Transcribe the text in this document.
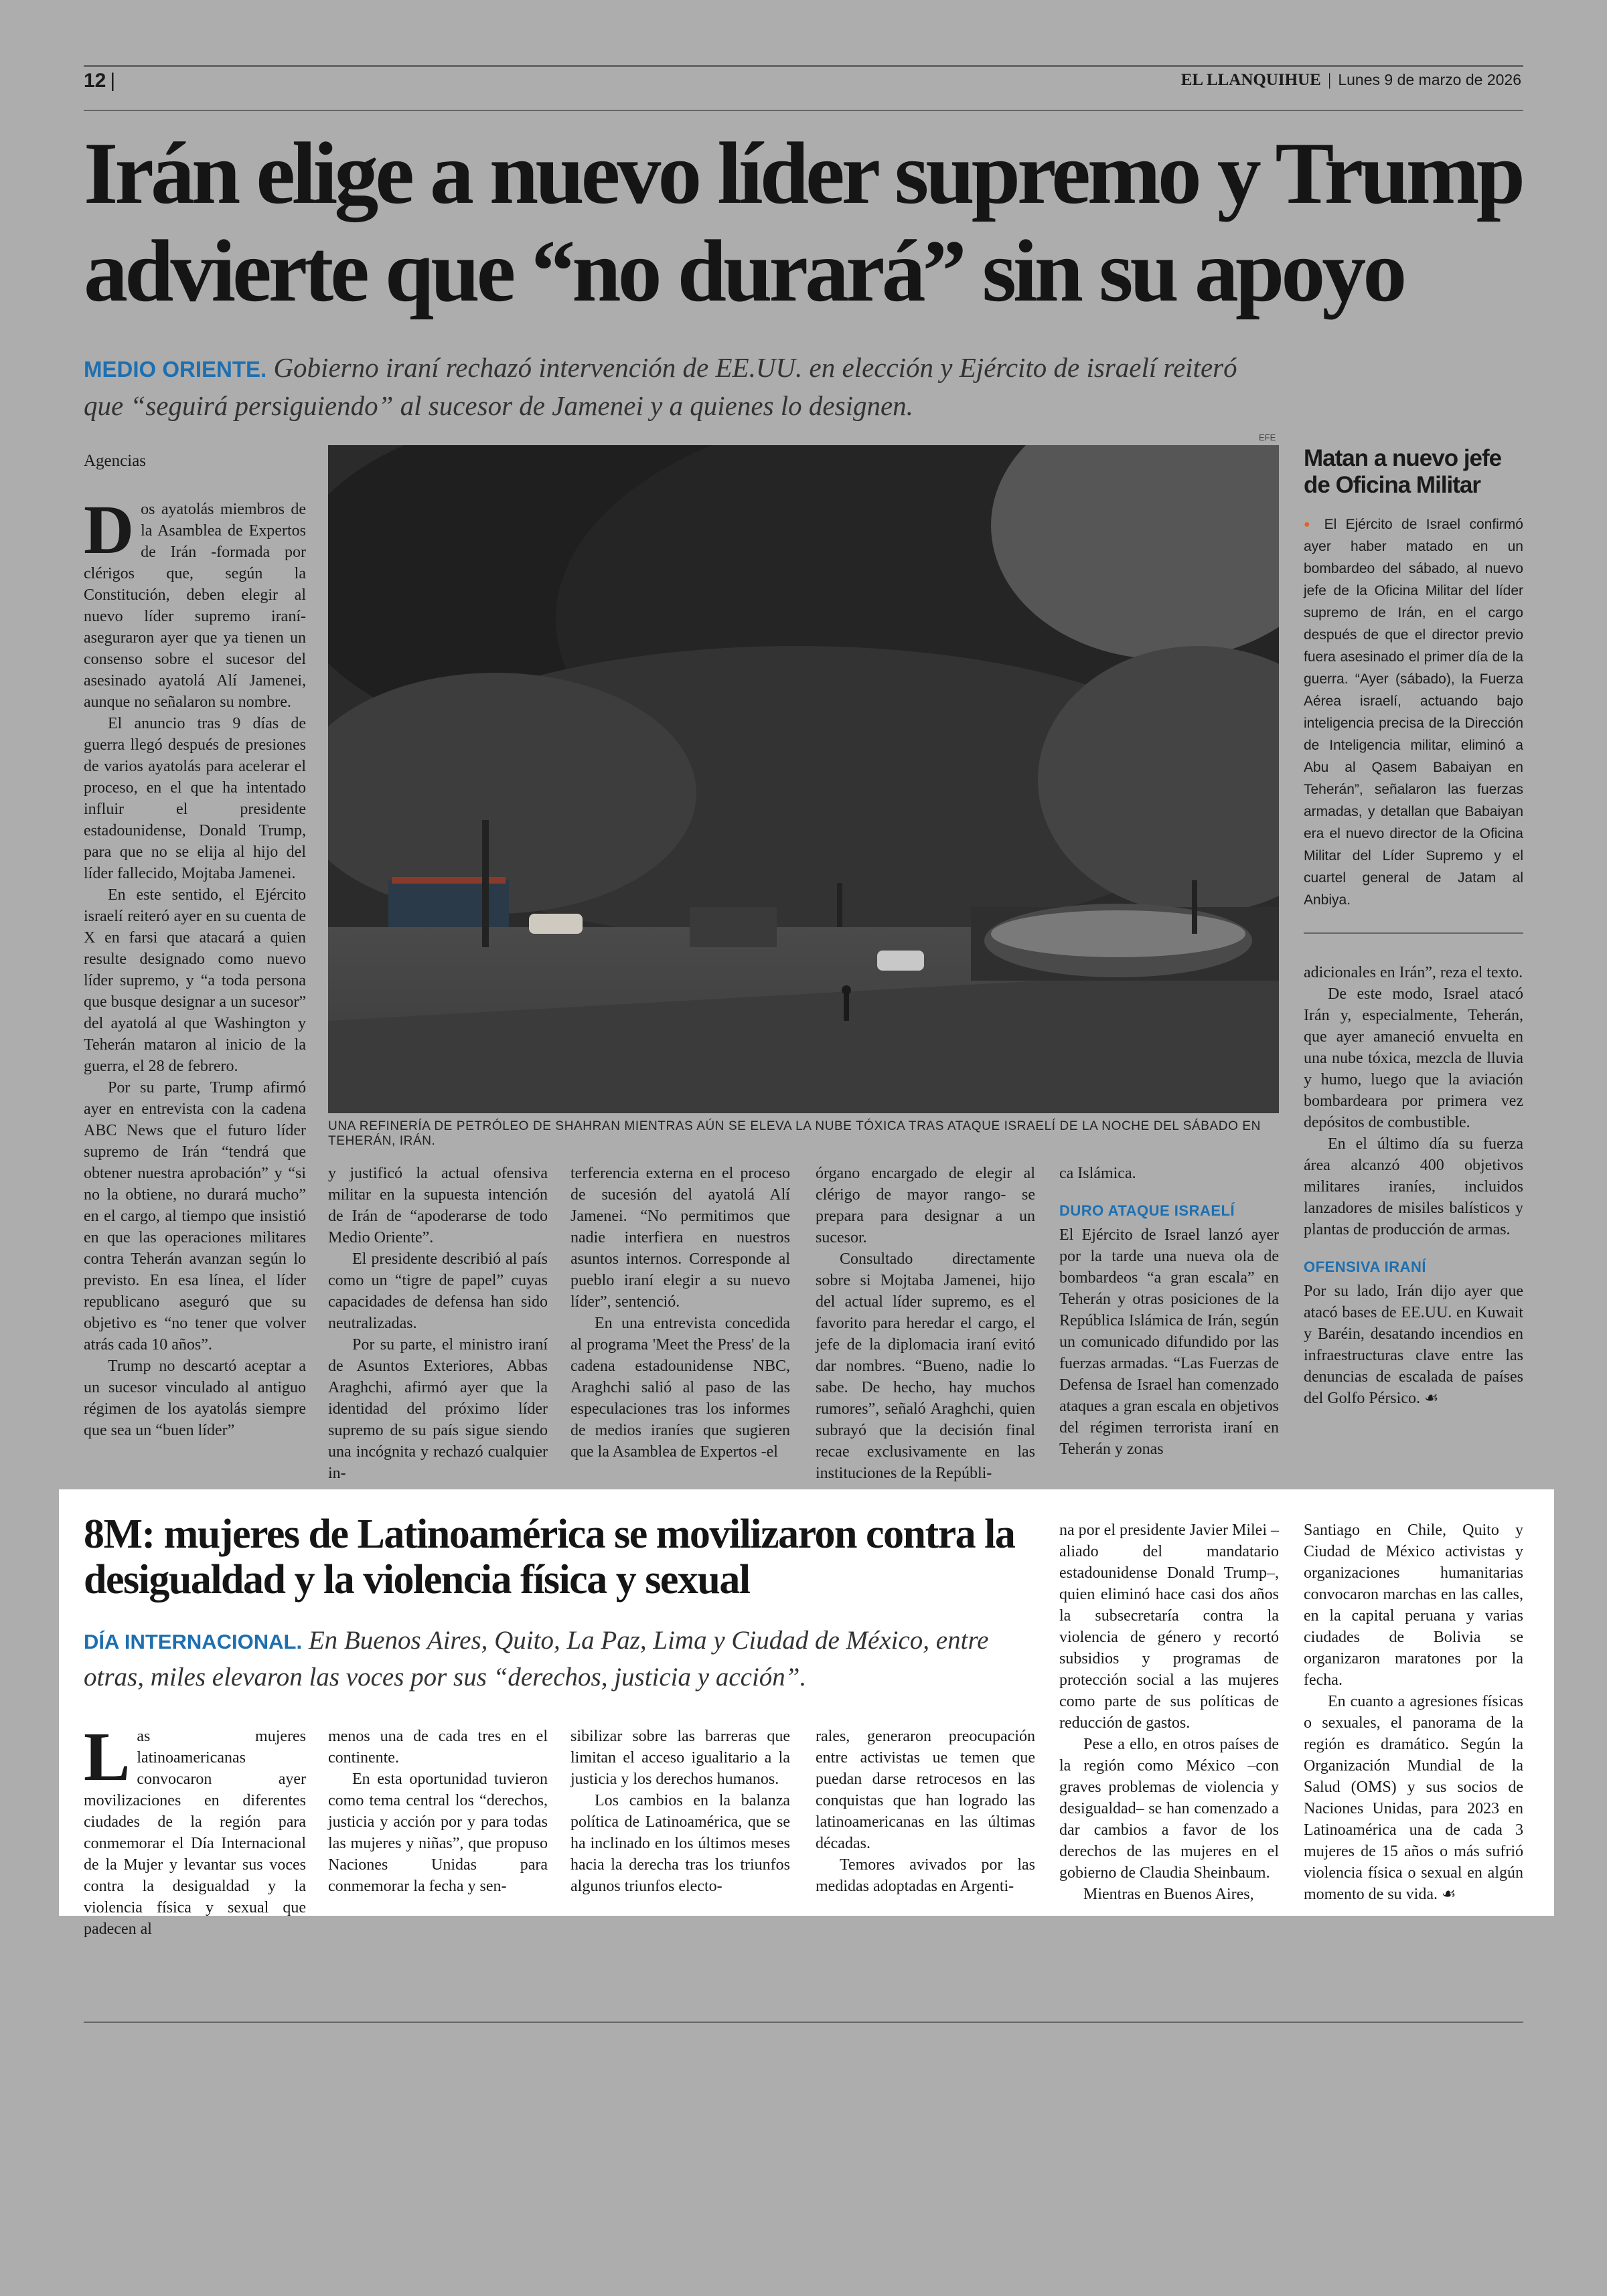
12 |	EL LLANQUIHUE | Lunes 9 de marzo de 2026
Irán elige a nuevo líder supremo y Trump advierte que “no durará” sin su apoyo
MEDIO ORIENTE. Gobierno iraní rechazó intervención de EE.UU. en elección y Ejército de israelí reiteró que “seguirá persiguiendo” al sucesor de Jamenei y a quienes lo designen.
Agencias

Dos ayatolás miembros de la Asamblea de Expertos de Irán -formada por clérigos que, según la Constitución, deben elegir al nuevo líder supremo iraní- aseguraron ayer que ya tienen un consenso sobre el sucesor del asesinado ayatolá Alí Jamenei, aunque no señalaron su nombre.

El anuncio tras 9 días de guerra llegó después de presiones de varios ayatolás para acelerar el proceso, en el que ha intentado influir el presidente estadounidense, Donald Trump, para que no se elija al hijo del líder fallecido, Mojtaba Jamenei.

En este sentido, el Ejército israelí reiteró ayer en su cuenta de X en farsi que atacará a quien resulte designado como nuevo líder supremo, y “a toda persona que busque designar a un sucesor” del ayatolá al que Washington y Teherán mataron al inicio de la guerra, el 28 de febrero.

Por su parte, Trump afirmó ayer en entrevista con la cadena ABC News que el futuro líder supremo de Irán “tendrá que obtener nuestra aprobación” y “si no la obtiene, no durará mucho” en el cargo, al tiempo que insistió en que las operaciones militares contra Teherán avanzan según lo previsto. En esa línea, el líder republicano aseguró que su objetivo es “no tener que volver atrás cada 10 años”.

Trump no descartó aceptar a un sucesor vinculado al antiguo régimen de los ayatolás siempre que sea un “buen líder”

EFE
UNA REFINERÍA DE PETRÓLEO DE SHAHRAN MIENTRAS AÚN SE ELEVA LA NUBE TÓXICA TRAS ATAQUE ISRAELÍ DE LA NOCHE DEL SÁBADO EN TEHERÁN, IRÁN.
Matan a nuevo jefe de Oficina Militar
● El Ejército de Israel confirmó ayer haber matado en un bombardeo del sábado, al nuevo jefe de la Oficina Militar del líder supremo de Irán, en el cargo después de que el director previo fuera asesinado el primer día de la guerra. “Ayer (sábado), la Fuerza Aérea israelí, actuando bajo inteligencia precisa de la Dirección de Inteligencia militar, eliminó a Abu al Qasem Babaiyan en Teherán”, señalaron las fuerzas armadas, y detallan que Babaiyan era el nuevo director de la Oficina Militar del Líder Supremo y el cuartel general de Jatam al Anbiya.

adicionales en Irán”, reza el texto.

De este modo, Israel atacó Irán y, especialmente, Teherán, que ayer amaneció envuelta en una nube tóxica, mezcla de lluvia y humo, luego que la aviación bombardeara por primera vez depósitos de combustible.

En el último día su fuerza área alcanzó 400 objetivos militares iraníes, incluidos lanzadores de misiles balísticos y plantas de producción de armas.

OFENSIVA IRANÍ

Por su lado, Irán dijo ayer que atacó bases de EE.UU. en Kuwait y Baréin, desatando incendios en infraestructuras clave entre las denuncias de escalada de países del Golfo Pérsico. ☙

y justificó la actual ofensiva militar en la supuesta intención de Irán de “apoderarse de todo Medio Oriente”.

El presidente describió al país como un “tigre de papel” cuyas capacidades de defensa han sido neutralizadas.

Por su parte, el ministro iraní de Asuntos Exteriores, Abbas Araghchi, afirmó ayer que la identidad del próximo líder supremo de su país sigue siendo una incógnita y rechazó cualquier in-

terferencia externa en el proceso de sucesión del ayatolá Alí Jamenei. “No permitimos que nadie interfiera en nuestros asuntos internos. Corresponde al pueblo iraní elegir a su nuevo líder”, sentenció.

En una entrevista concedida al programa 'Meet the Press' de la cadena estadounidense NBC, Araghchi salió al paso de las especulaciones tras los informes de medios iraníes que sugieren que la Asamblea de Expertos -el

órgano encargado de elegir al clérigo de mayor rango- se prepara para designar a un sucesor.

Consultado directamente sobre si Mojtaba Jamenei, hijo del actual líder supremo, es el favorito para heredar el cargo, el jefe de la diplomacia iraní evitó dar nombres. “Bueno, nadie lo sabe. De hecho, hay muchos rumores”, señaló Araghchi, quien subrayó que la decisión final recae exclusivamente en las instituciones de la Repúbli-

ca Islámica.

DURO ATAQUE ISRAELÍ

El Ejército de Israel lanzó ayer por la tarde una nueva ola de bombardeos “a gran escala” en Teherán y otras posiciones de la República Islámica de Irán, según un comunicado difundido por las fuerzas armadas. “Las Fuerzas de Defensa de Israel han comenzado ataques a gran escala en objetivos del régimen terrorista iraní en Teherán y zonas

8M: mujeres de Latinoamérica se movilizaron contra la desigualdad y la violencia física y sexual
DÍA INTERNACIONAL. En Buenos Aires, Quito, La Paz, Lima y Ciudad de México, entre otras, miles elevaron las voces por sus “derechos, justicia y acción”.

Las mujeres latinoamericanas convocaron ayer movilizaciones en diferentes ciudades de la región para conmemorar el Día Internacional de la Mujer y levantar sus voces contra la desigualdad y la violencia física y sexual que padecen al

menos una de cada tres en el continente.

En esta oportunidad tuvieron como tema central los “derechos, justicia y acción por y para todas las mujeres y niñas”, que propuso Naciones Unidas para conmemorar la fecha y sen-

sibilizar sobre las barreras que limitan el acceso igualitario a la justicia y los derechos humanos.

Los cambios en la balanza política de Latinoamérica, que se ha inclinado en los últimos meses hacia la derecha tras los triunfos algunos triunfos electo-

rales, generaron preocupación entre activistas ue temen que puedan darse retrocesos en las conquistas que han logrado las latinoamericanas en las últimas décadas.

Temores avivados por las medidas adoptadas en Argenti-

na por el presidente Javier Milei –aliado del mandatario estadounidense Donald Trump–, quien eliminó hace casi dos años la subsecretaría contra la violencia de género y recortó subsidios y programas de protección social a las mujeres como parte de sus políticas de reducción de gastos.

Pese a ello, en otros países de la región como México –con graves problemas de violencia y desigualdad– se han comenzado a dar cambios a favor de los derechos de las mujeres en el gobierno de Claudia Sheinbaum.

Mientras en Buenos Aires,

Santiago en Chile, Quito y Ciudad de México activistas y organizaciones humanitarias convocaron marchas en las calles, en la capital peruana y varias ciudades de Bolivia se organizaron maratones por la fecha.

En cuanto a agresiones físicas o sexuales, el panorama de la región es dramático. Según la Organización Mundial de la Salud (OMS) y sus socios de Naciones Unidas, para 2023 en Latinoamérica una de cada 3 mujeres de 15 años o más sufrió violencia física o sexual en algún momento de su vida. ☙
